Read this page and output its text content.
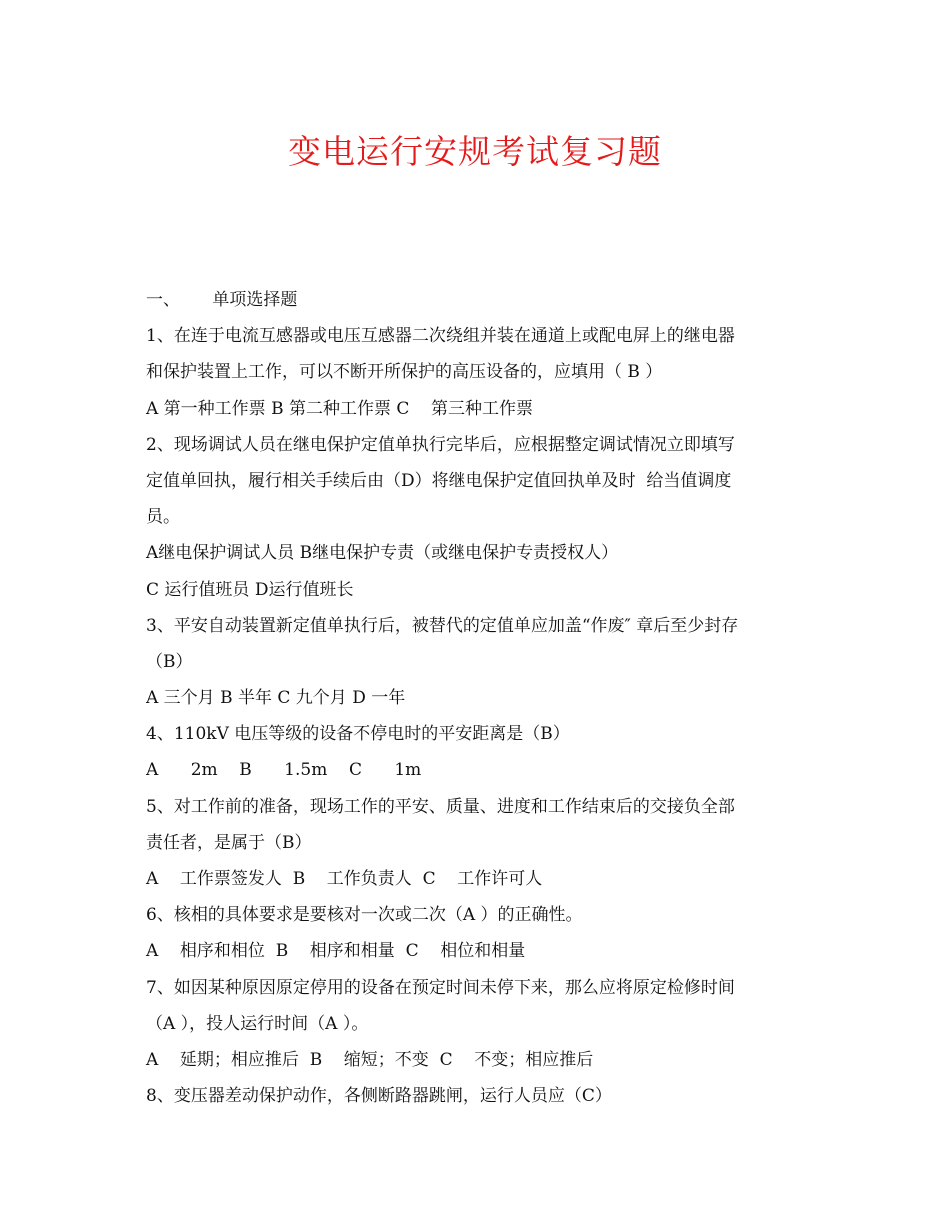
变电运行安规考试复习题
一、      单项选择题
1、在连于电流互感器或电压互感器二次绕组并装在通道上或配电屏上的继电器
和保护装置上工作，可以不断开所保护的高压设备的，应填用（ B ）
A 第一种工作票 B 第二种工作票 C    第三种工作票
2、现场调试人员在继电保护定值单执行完毕后，应根据整定调试情况立即填写
定值单回执，履行相关手续后由（D）将继电保护定值回执单及时  给当值调度
员。
A继电保护调试人员 B继电保护专责（或继电保护专责授权人）
C 运行值班员 D运行值班长
3、平安自动装置新定值单执行后，被替代的定值单应加盖“作废″ 章后至少封存
（B）
A 三个月 B 半年 C 九个月 D 一年
4、110kV 电压等级的设备不停电时的平安距离是（B）
A      2m    B      1.5m    C      1m
5、对工作前的准备，现场工作的平安、质量、进度和工作结束后的交接负全部
责任者，是属于（B）
A    工作票签发人  B    工作负责人  C    工作许可人
6、核相的具体要求是要核对一次或二次（A ）的正确性。
A    相序和相位  B    相序和相量  C    相位和相量
7、如因某种原因原定停用的设备在预定时间未停下来，那么应将原定检修时间
（A ），投人运行时间（A ）。
A    延期；相应推后  B    缩短；不变  C    不变；相应推后
8、变压器差动保护动作，各侧断路器跳闸，运行人员应（C）
